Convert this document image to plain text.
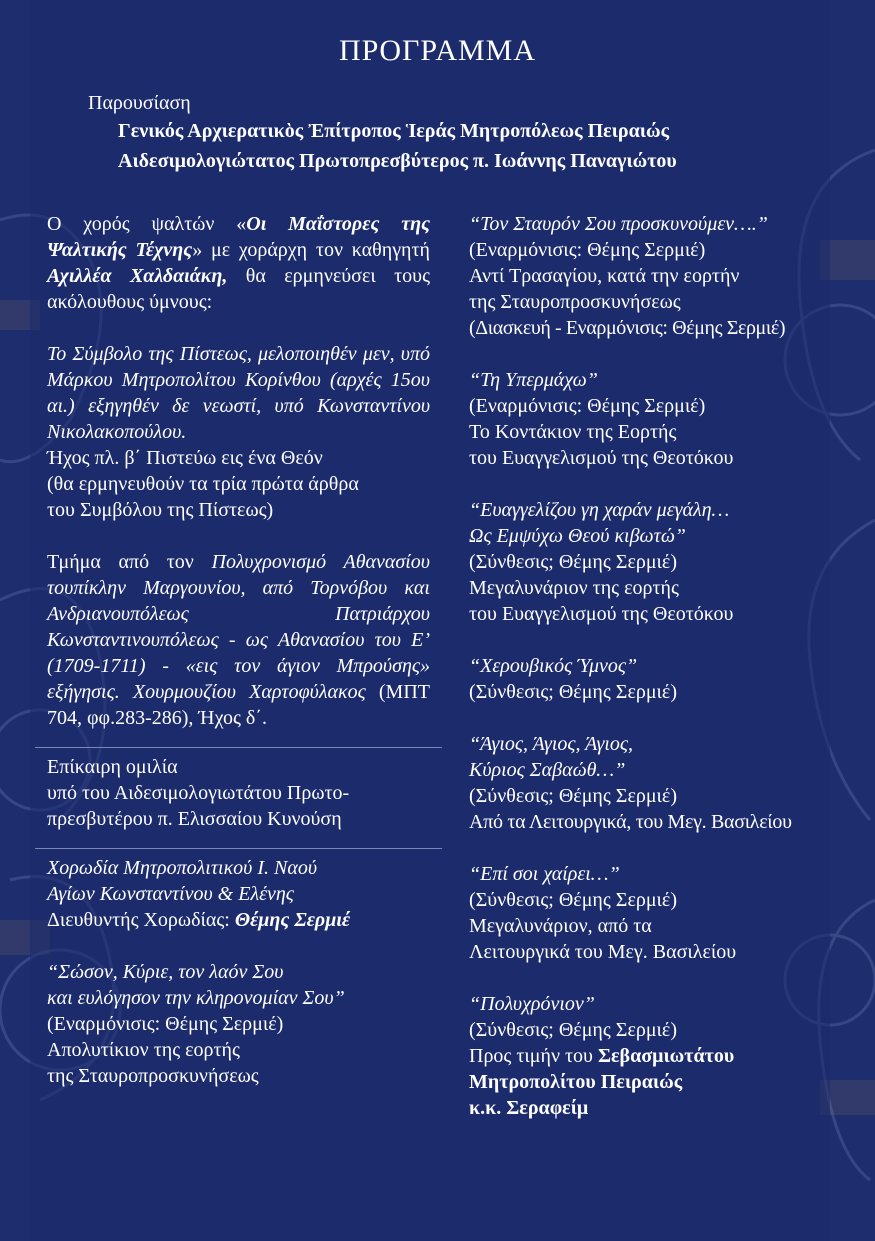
ΠΡΟΓΡΑΜΜΑ
Παρουσίαση
Γενικός Αρχιερατικὸς Ἐπίτροπος Ἱεράς Μητροπόλεως Πειραιώς
Αιδεσιμολογιώτατος Πρωτοπρεσβύτερος π. Ιωάννης Παναγιώτου

Ο χορός ψαλτών «Οι Μαΐστορες της Ψαλτικής Τέχνης» με χοράρχη τον καθηγητή Αχιλλέα Χαλδαιάκη, θα ερμηνεύσει τους ακόλουθους ύμνους:

Το Σύμβολο της Πίστεως, μελοποιηθέν μεν, υπό Μάρκου Μητροπολίτου Κορίνθου (αρχές 15ου αι.) εξηγηθέν δε νεωστί, υπό Κωνσταντίνου Νικολακοπούλου.

Ήχος πλ. β΄ Πιστεύω εις ένα Θεόν
(θα ερμηνευθούν τα τρία πρώτα άρθρα
του Συμβόλου της Πίστεως)

Τμήμα από τον Πολυχρονισμό Αθανασίου τουπίκλην Μαργουνίου, από Τορνόβου και Ανδριανουπόλεως Πατριάρχου Κωνσταντινουπόλεως - ως Αθανασίου του Ε’ (1709-1711) - «εις τον άγιον Μπρούσης» εξήγησις. Χουρμουζίου Χαρτοφύλακος (ΜΠΤ 704, φφ.283-286), Ήχος δ΄.

Επίκαιρη ομιλία
υπό του Αιδεσιμολογιωτάτου Πρωτο-
πρεσβυτέρου π. Ελισσαίου Κυνούση
Χορωδία Μητροπολιτικού Ι. Ναού
Αγίων Κωνσταντίνου & Ελένης
Διευθυντής Χορωδίας: Θέμης Σερμιέ
“Σώσον, Κύριε, τον λαόν Σου
και ευλόγησον την κληρονομίαν Σου”
(Εναρμόνισις: Θέμης Σερμιέ)
Απολυτίκιον της εορτής
της Σταυροπροσκυνήσεως
“Τον Σταυρόν Σου προσκυνούμεν….”
(Εναρμόνισις: Θέμης Σερμιέ)
Αντί Τρασαγίου, κατά την εορτήν
της Σταυροπροσκυνήσεως
(Διασκευή - Εναρμόνισις: Θέμης Σερμιέ)
“Τη Υπερμάχω”
(Εναρμόνισις: Θέμης Σερμιέ)
Το Κοντάκιον της Εορτής
του Ευαγγελισμού της Θεοτόκου
“Ευαγγελίζου γη χαράν μεγάλη…
Ως Εμψύχω Θεού κιβωτώ”
(Σύνθεσις; Θέμης Σερμιέ)
Μεγαλυνάριον της εορτής
του Ευαγγελισμού της Θεοτόκου
“Χερουβικός Ύμνος”
(Σύνθεσις; Θέμης Σερμιέ)
“Άγιος, Άγιος, Άγιος,
Κύριος Σαβαώθ…”
(Σύνθεσις; Θέμης Σερμιέ)
Από τα Λειτουργικά, του Μεγ. Βασιλείου
“Επί σοι χαίρει…”
(Σύνθεσις; Θέμης Σερμιέ)
Μεγαλυνάριον, από τα
Λειτουργικά του Μεγ. Βασιλείου
“Πολυχρόνιον”
(Σύνθεσις; Θέμης Σερμιέ)
Προς τιμήν του Σεβασμιωτάτου
Μητροπολίτου Πειραιώς
κ.κ. Σεραφείμ
